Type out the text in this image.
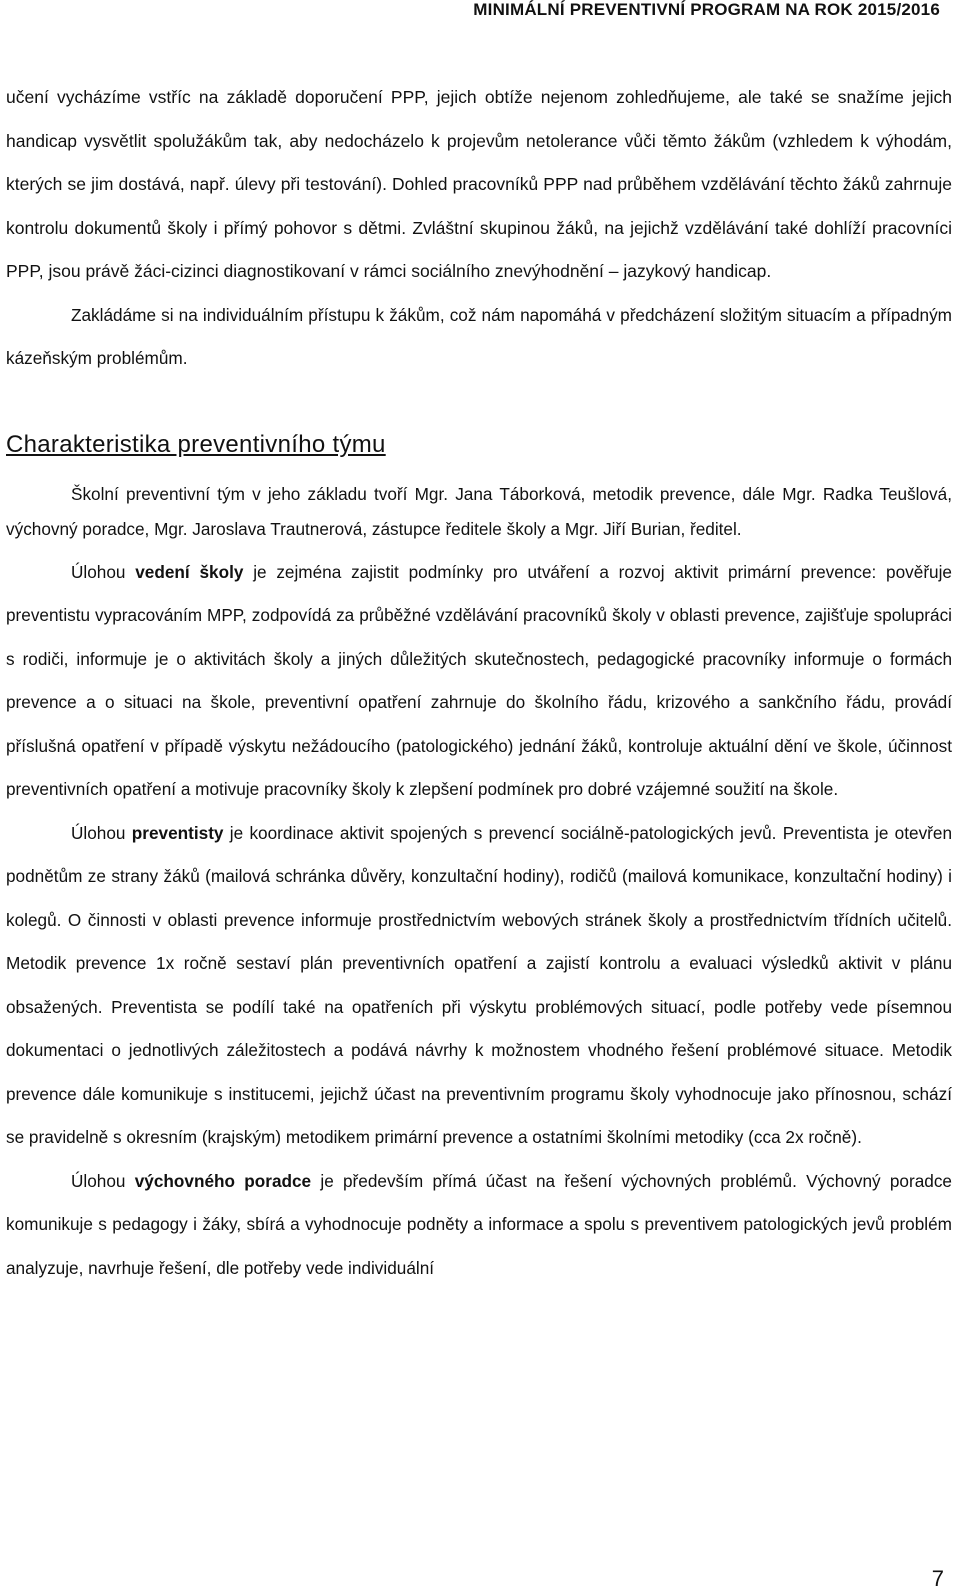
MINIMÁLNÍ PREVENTIVNÍ PROGRAM NA ROK 2015/2016

učení vycházíme vstříc na základě doporučení PPP, jejich obtíže nejenom zohledňujeme, ale také se snažíme jejich handicap vysvětlit spolužákům tak, aby nedocházelo k projevům netolerance vůči těmto žákům (vzhledem k výhodám, kterých se jim dostává, např. úlevy při testování). Dohled pracovníků PPP nad průběhem vzdělávání těchto žáků zahrnuje kontrolu dokumentů školy i přímý pohovor s dětmi. Zvláštní skupinou žáků, na jejichž vzdělávání také dohlíží pracovníci PPP, jsou právě žáci-cizinci diagnostikovaní v rámci sociálního znevýhodnění – jazykový handicap.

Zakládáme si na individuálním přístupu k žákům, což nám napomáhá v předcházení složitým situacím a případným kázeňským problémům.

Charakteristika preventivního týmu

Školní preventivní tým v jeho základu tvoří Mgr. Jana Táborková, metodik prevence, dále Mgr. Radka Teušlová, výchovný poradce, Mgr. Jaroslava Trautnerová, zástupce ředitele školy a Mgr. Jiří Burian, ředitel.

Úlohou vedení školy je zejména zajistit podmínky pro utváření a rozvoj aktivit primární prevence: pověřuje preventistu vypracováním MPP, zodpovídá za průběžné vzdělávání pracovníků školy v oblasti prevence, zajišťuje spolupráci s rodiči, informuje je o aktivitách školy a jiných důležitých skutečnostech, pedagogické pracovníky informuje o formách prevence a o situaci na škole, preventivní opatření zahrnuje do školního řádu, krizového a sankčního řádu, provádí příslušná opatření v případě výskytu nežádoucího (patologického) jednání žáků, kontroluje aktuální dění ve škole, účinnost preventivních opatření a motivuje pracovníky školy k zlepšení podmínek pro dobré vzájemné soužití na škole.

Úlohou preventisty je koordinace aktivit spojených s prevencí sociálně-patologických jevů. Preventista je otevřen podnětům ze strany žáků (mailová schránka důvěry, konzultační hodiny), rodičů (mailová komunikace, konzultační hodiny) i kolegů. O činnosti v oblasti prevence informuje prostřednictvím webových stránek školy a prostřednictvím třídních učitelů. Metodik prevence 1x ročně sestaví plán preventivních opatření a zajistí kontrolu a evaluaci výsledků aktivit v plánu obsažených. Preventista se podílí také na opatřeních při výskytu problémových situací, podle potřeby vede písemnou dokumentaci o jednotlivých záležitostech a podává návrhy k možnostem vhodného řešení problémové situace. Metodik prevence dále komunikuje s institucemi, jejichž účast na preventivním programu školy vyhodnocuje jako přínosnou, schází se pravidelně s okresním (krajským) metodikem primární prevence a ostatními školními metodiky (cca 2x ročně).

Úlohou výchovného poradce je především přímá účast na řešení výchovných problémů. Výchovný poradce komunikuje s pedagogy i žáky, sbírá a vyhodnocuje podněty a informace a spolu s preventivem patologických jevů problém analyzuje, navrhuje řešení, dle potřeby vede individuální

7
